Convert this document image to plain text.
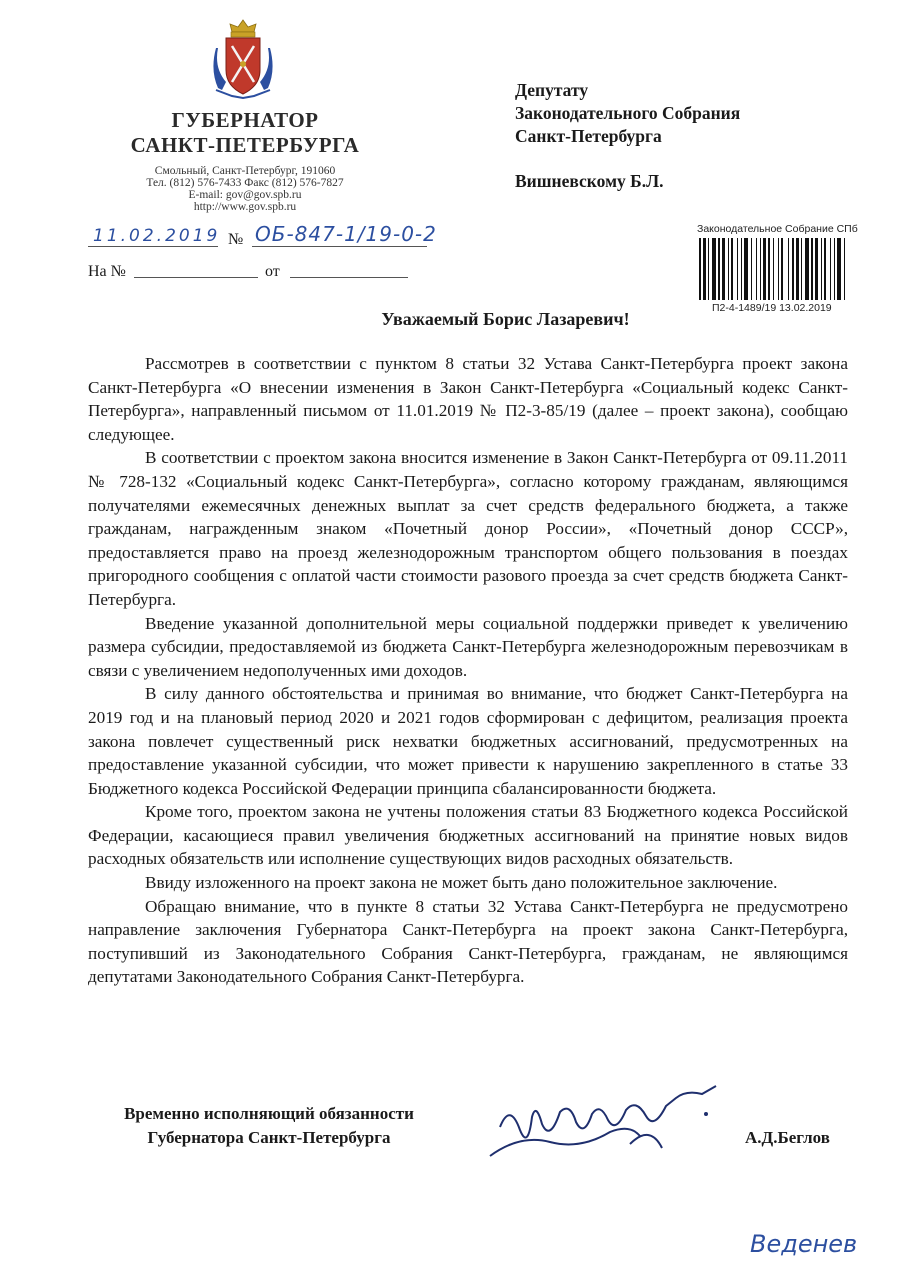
ГУБЕРНАТОР
САНКТ-ПЕТЕРБУРГА
Смольный, Санкт-Петербург, 191060
Тел. (812) 576-7433 Факс (812) 576-7827
E-mail: gov@gov.spb.ru
http://www.gov.spb.ru
11.02.2019 № ОБ-847-1/19-0-2
На №	от
Депутату
Законодательного Собрания
Санкт-Петербурга
Вишневскому Б.Л.
Законодательное Собрание СПб
П2-4-1489/19 13.02.2019
Уважаемый Борис Лазаревич!

Рассмотрев в соответствии с пунктом 8 статьи 32 Устава Санкт-Петербурга проект закона Санкт-Петербурга «О внесении изменения в Закон Санкт-Петербурга «Социальный кодекс Санкт-Петербурга», направленный письмом от 11.01.2019 № П2-3-85/19 (далее – проект закона), сообщаю следующее.

В соответствии с проектом закона вносится изменение в Закон Санкт-Петербурга от 09.11.2011 № 728-132 «Социальный кодекс Санкт-Петербурга», согласно которому гражданам, являющимся получателями ежемесячных денежных выплат за счет средств федерального бюджета, а также гражданам, награжденным знаком «Почетный донор России», «Почетный донор СССР», предоставляется право на проезд железнодорожным транспортом общего пользования в поездах пригородного сообщения с оплатой части стоимости разового проезда за счет средств бюджета Санкт-Петербурга.

Введение указанной дополнительной меры социальной поддержки приведет к увеличению размера субсидии, предоставляемой из бюджета Санкт-Петербурга железнодорожным перевозчикам в связи с увеличением недополученных ими доходов.

В силу данного обстоятельства и принимая во внимание, что бюджет Санкт-Петербурга на 2019 год и на плановый период 2020 и 2021 годов сформирован с дефицитом, реализация проекта закона повлечет существенный риск нехватки бюджетных ассигнований, предусмотренных на предоставление указанной субсидии, что может привести к нарушению закрепленного в статье 33 Бюджетного кодекса Российской Федерации принципа сбалансированности бюджета.

Кроме того, проектом закона не учтены положения статьи 83 Бюджетного кодекса Российской Федерации, касающиеся правил увеличения бюджетных ассигнований на принятие новых видов расходных обязательств или исполнение существующих видов расходных обязательств.

Ввиду изложенного на проект закона не может быть дано положительное заключение.

Обращаю внимание, что в пункте 8 статьи 32 Устава Санкт-Петербурга не предусмотрено направление заключения Губернатора Санкт-Петербурга на проект закона Санкт-Петербурга, поступивший из Законодательного Собрания Санкт-Петербурга, гражданам, не являющимся депутатами Законодательного Собрания Санкт-Петербурга.

Временно исполняющий обязанности
Губернатора Санкт-Петербурга	А.Д.Беглов
Веденев
